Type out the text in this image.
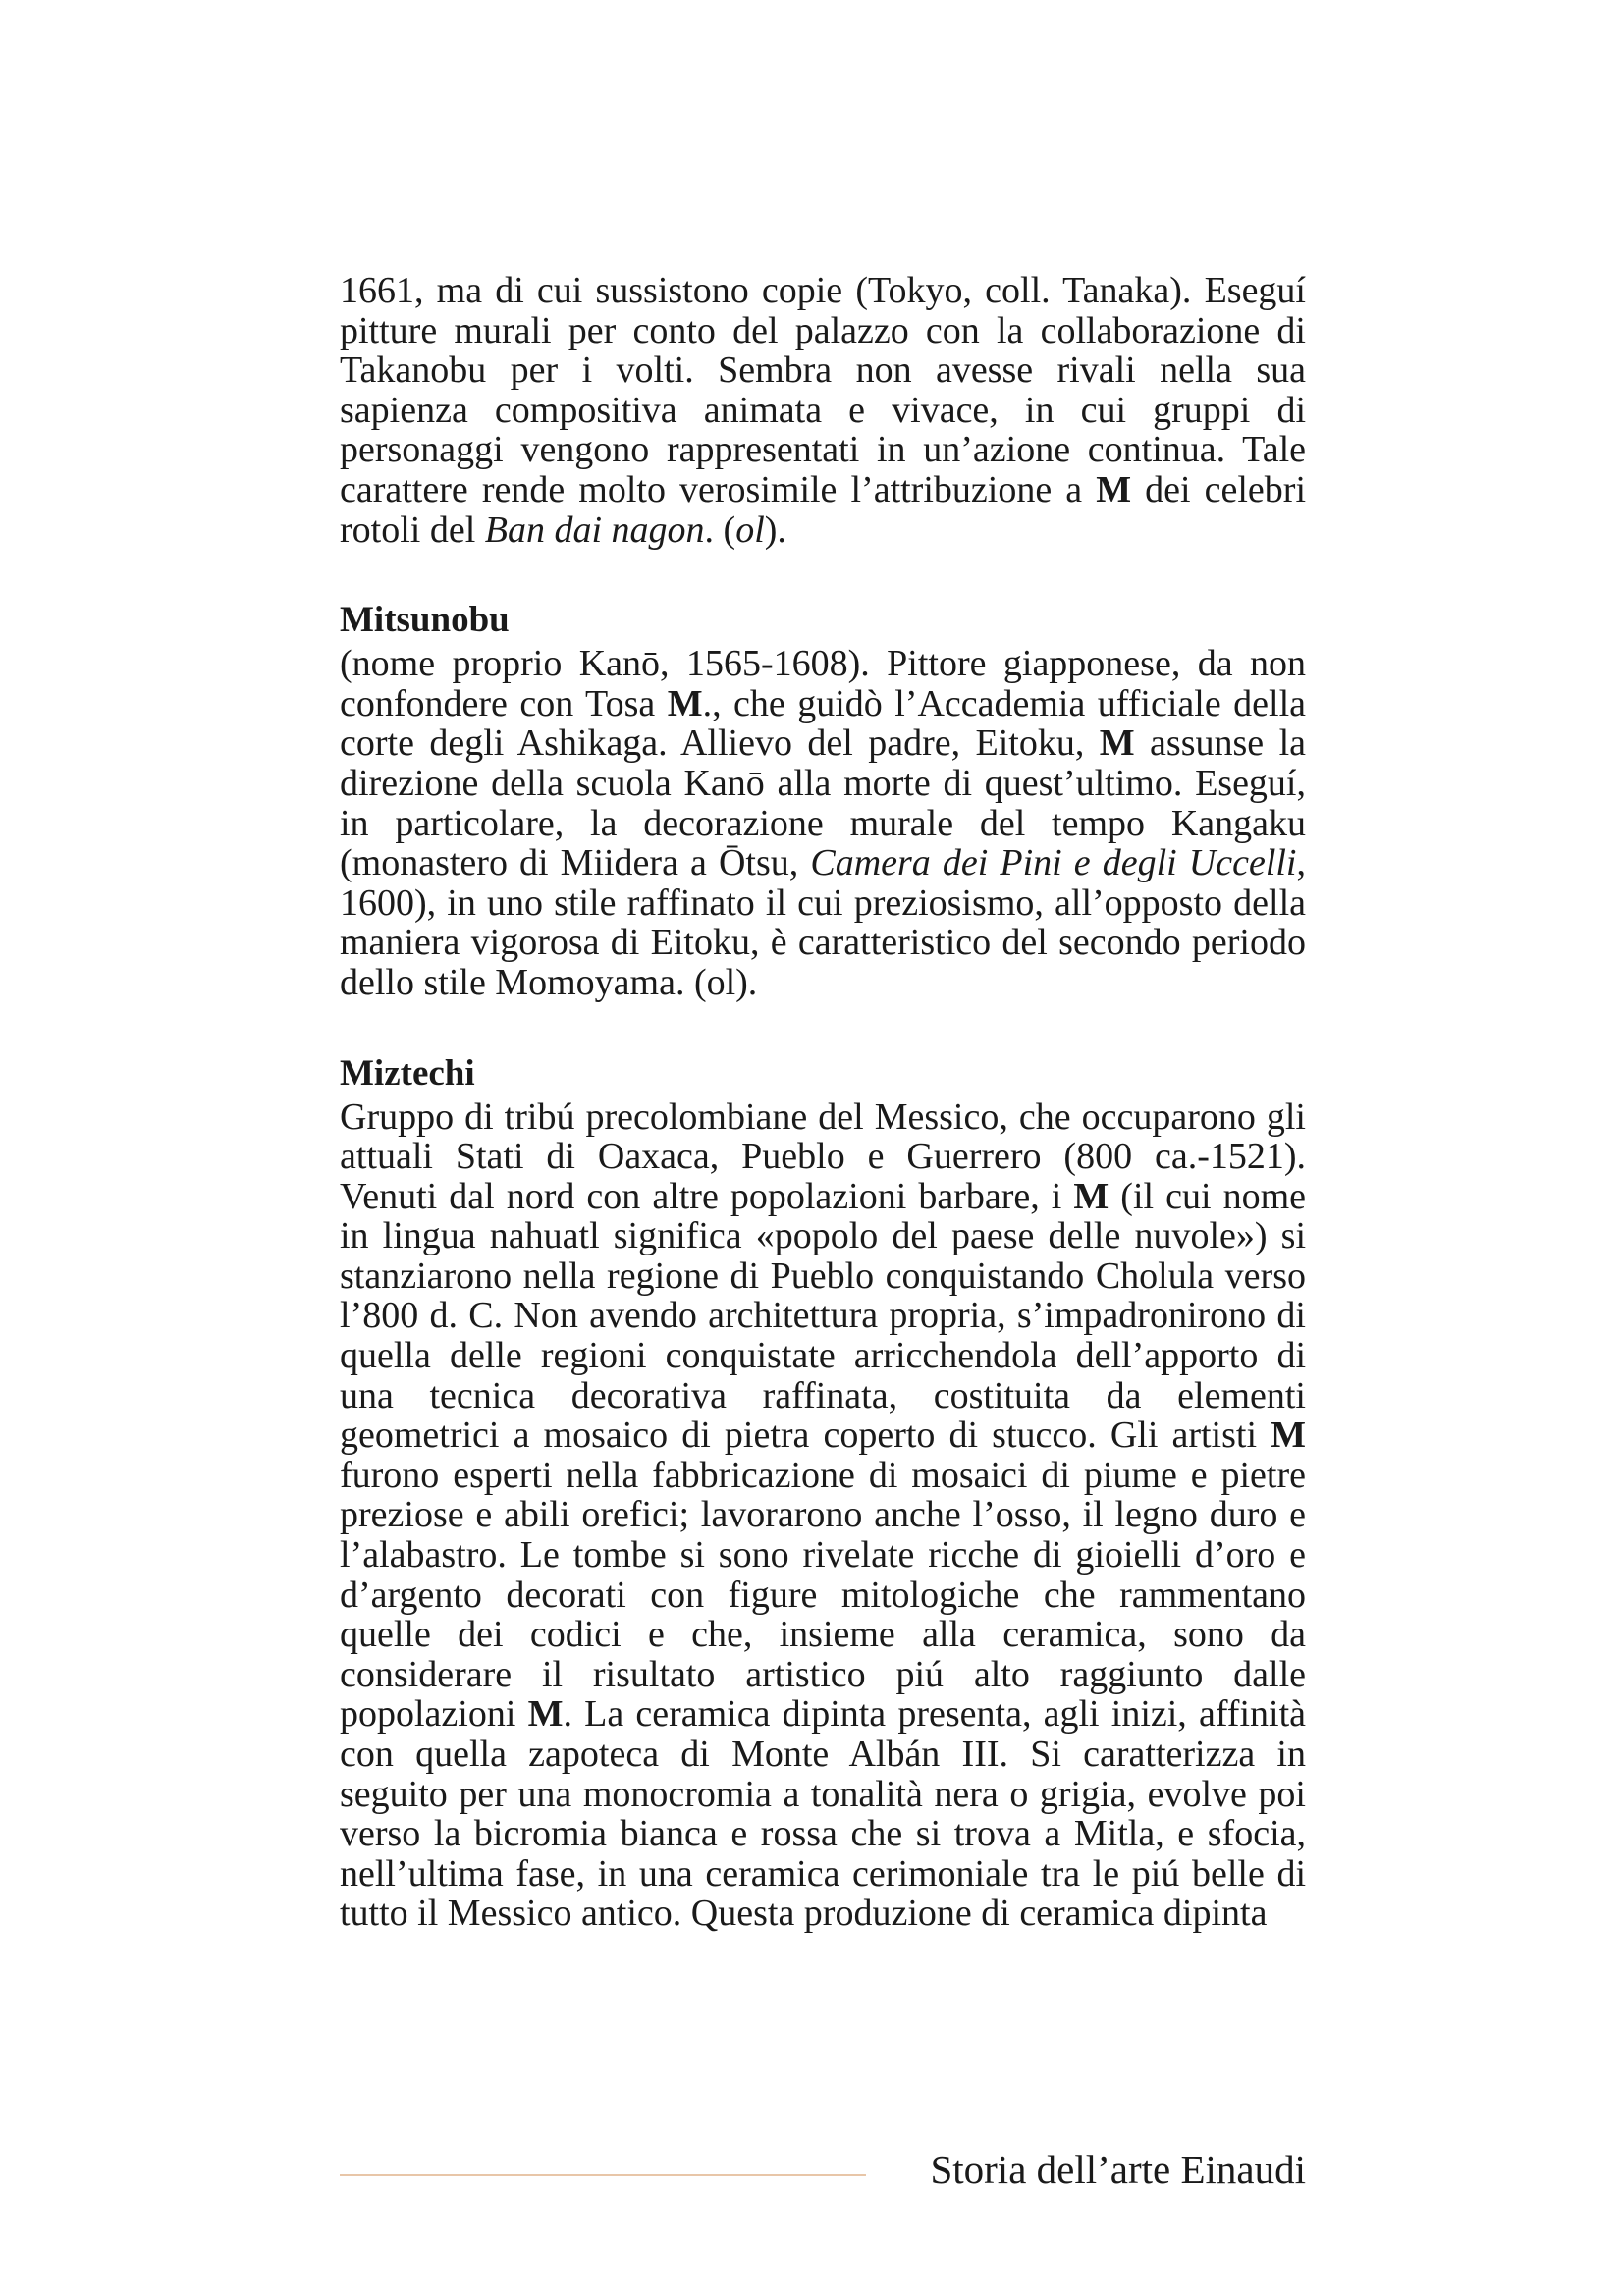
1661, ma di cui sussistono copie (Tokyo, coll. Tanaka). Eseguí pitture murali per conto del palazzo con la collaborazione di Takanobu per i volti. Sembra non avesse rivali nella sua sapienza compositiva animata e vivace, in cui gruppi di personaggi vengono rappresentati in un’azione continua. Tale carattere rende molto verosimile l’attribuzione a M dei celebri rotoli del Ban dai nagon. (ol).

Mitsunobu

(nome proprio Kanō, 1565-1608). Pittore giapponese, da non confondere con Tosa M., che guidò l’Accademia ufficiale della corte degli Ashikaga. Allievo del padre, Eitoku, M assunse la direzione della scuola Kanō alla morte di quest’ultimo. Eseguí, in particolare, la decorazione murale del tempo Kangaku (monastero di Miidera a Ōtsu, Camera dei Pini e degli Uccelli, 1600), in uno stile raffinato il cui preziosismo, all’opposto della maniera vigorosa di Eitoku, è caratteristico del secondo periodo dello stile Momoyama. (ol).

Miztechi

Gruppo di tribú precolombiane del Messico, che occuparono gli attuali Stati di Oaxaca, Pueblo e Guerrero (800 ca.-1521). Venuti dal nord con altre popolazioni barbare, i M (il cui nome in lingua nahuatl significa «popolo del paese delle nuvole») si stanziarono nella regione di Pueblo conquistando Cholula verso l’800 d. C. Non avendo architettura propria, s’impadronirono di quella delle regioni conquistate arricchendola dell’apporto di una tecnica decorativa raffinata, costituita da elementi geometrici a mosaico di pietra coperto di stucco. Gli artisti M furono esperti nella fabbricazione di mosaici di piume e pietre preziose e abili orefici; lavorarono anche l’osso, il legno duro e l’alabastro. Le tombe si sono rivelate ricche di gioielli d’oro e d’argento decorati con figure mitologiche che rammentano quelle dei codici e che, insieme alla ceramica, sono da considerare il risultato artistico piú alto raggiunto dalle popolazioni M. La ceramica dipinta presenta, agli inizi, affinità con quella zapoteca di Monte Albán III. Si caratterizza in seguito per una monocromia a tonalità nera o grigia, evolve poi verso la bicromia bianca e rossa che si trova a Mitla, e sfocia, nell’ultima fase, in una ceramica cerimoniale tra le piú belle di tutto il Messico antico. Questa produzione di ceramica dipinta

Storia dell’arte Einaudi
